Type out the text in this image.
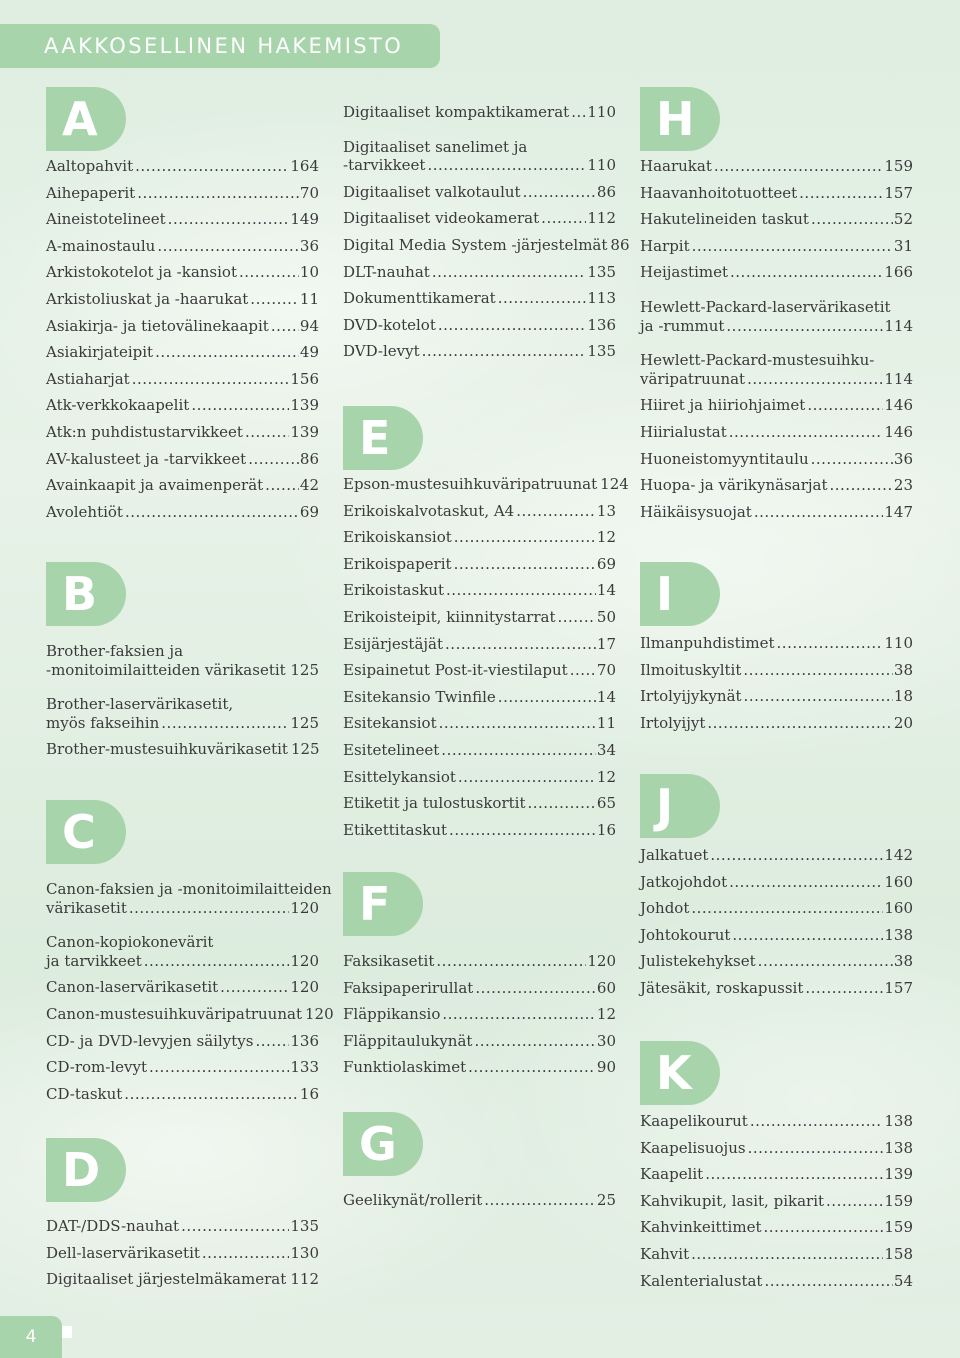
AAKKOSELLINEN HAKEMISTO
A
Aaltopahvit .....	164
Aihepaperit .....	70
Aineistotelineet .....	149
A-mainostaulu .....	36
Arkistokotelot ja -kansiot .....	10
Arkistoliuskat ja -haarukat .....	11
Asiakirja- ja tietovälinekaapit ..... 94
Asiakirjateipit .....	49
Astiaharjat .....	156
Atk-verkkokaapelit .....	139
Atk:n puhdistustarvikkeet .....	139
AV-kalusteet ja -tarvikkeet .....	86
Avainkaapit ja avaimenperät ..... 42
Avolehtiöt .....	69
B
Brother-faksien ja
-monitoimilaitteiden värikasetit ..... 125
Brother-laservärikasetit,
myös fakseihin .....	125
Brother-mustesuihkuvärikasetit 125
C
Canon-faksien ja -monitoimilaitteiden
värikasetit .....	120
Canon-kopiokonevärit
ja tarvikkeet .....	120
Canon-laservärikasetit .....	120
Canon-mustesuihkuväripatruunat 120
CD- ja DVD-levyjen säilytys ..... 136
CD-rom-levyt .....	133
CD-taskut .....	16
D
DAT-/DDS-nauhat .....	135
Dell-laservärikasetit .....	130
Digitaaliset järjestelmäkamerat ..... 112
Digitaaliset kompaktikamerat ..... 110
Digitaaliset sanelimet ja
-tarvikkeet .....	110
Digitaaliset valkotaulut .....	86
Digitaaliset videokamerat .....	112
Digital Media System -järjestelmät 86
DLT-nauhat .....	135
Dokumenttikamerat .....	113
DVD-kotelot .....	136
DVD-levyt .....	135
E
Epson-mustesuihkuväripatruunat 124
Erikoiskalvotaskut, A4 .....	13
Erikoiskansiot .....	12
Erikoispaperit .....	69
Erikoistaskut .....	14
Erikoisteipit, kiinnitystarrat .....	50
Esijärjestäjät .....	17
Esipainetut Post-it-viestilaput ..... 70
Esitekansio Twinfile .....	14
Esitekansiot .....	11
Esitetelineet .....	34
Esittelykansiot .....	12
Etiketit ja tulostuskortit .....	65
Etikettitaskut .....	16
F
Faksikasetit .....	120
Faksipaperirullat .....	60
Fläppikansio .....	12
Fläppitaulukynät .....	30
Funktiolaskimet .....	90
G
Geelikynät/rollerit .....	25
H
Haarukat .....	159
Haavanhoitotuotteet .....	157
Hakutelineiden taskut .....	52
Harpit .....	31
Heijastimet .....	166
Hewlett-Packard-laservärikasetit
ja -rummut .....	114
Hewlett-Packard-mustesuihku-
väripatruunat .....	114
Hiiret ja hiiriohjaimet .....	146
Hiirialustat .....	146
Huoneistomyyntitaulu .....	36
Huopa- ja värikynäsarjat .....	23
Häikäisysuojat .....	147
I
Ilmanpuhdistimet .....	110
Ilmoituskyltit .....	38
Irtolyijykynät .....	18
Irtolyijyt .....	20
J
Jalkatuet .....	142
Jatkojohdot .....	160
Johdot .....	160
Johtokourut .....	138
Julistekehykset .....	38
Jätesäkit, roskapussit .....	157
K
Kaapelikourut .....	138
Kaapelisuojus .....	138
Kaapelit .....	139
Kahvikupit, lasit, pikarit .....	159
Kahvinkeittimet .....	159
Kahvit .....	158
Kalenterialustat .....	54
4
